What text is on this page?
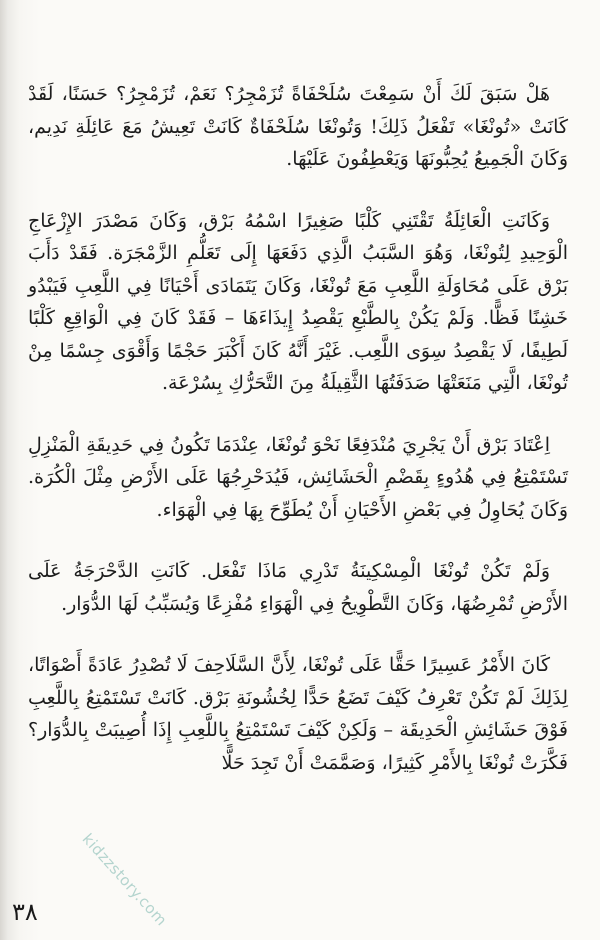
هَلْ سَبَقَ لَكَ أَنْ سَمِعْتَ سُلَحْفَاةً تُزَمْجِرُ؟ نَعَمْ، تُزَمْجِرُ؟ حَسَنًا، لَقَدْ كَانَتْ «تُونْغَا» تَفْعَلُ ذَلِكَ! وَتُونْغَا سُلَحْفَاةٌ كَانَتْ تَعِيشُ مَعَ عَائِلَةِ نَدِيم، وَكَانَ الْجَمِيعُ يُحِبُّونَهَا وَيَعْطِفُونَ عَلَيْهَا.

وَكَانَتِ الْعَائِلَةُ تَقْتَنِي كَلْبًا صَغِيرًا اسْمُهُ بَرْق، وَكَانَ مَصْدَرَ الإِزْعَاجِ الْوَحِيدِ لِتُونْغَا، وَهُوَ السَّبَبُ الَّذِي دَفَعَهَا إِلَى تَعَلُّمِ الزَّمْجَرَة. فَقَدْ دَأَبَ بَرْق عَلَى مُحَاوَلَةِ اللَّعِبِ مَعَ تُونْغَا، وَكَانَ يَتَمَادَى أَحْيَانًا فِي اللَّعِبِ فَيَبْدُو خَشِنًا فَظًّا. وَلَمْ يَكُنْ بِالطَّبْعِ يَقْصِدُ إِيذَاءَهَا – فَقَدْ كَانَ فِي الْوَاقِعِ كَلْبًا لَطِيفًا، لَا يَقْصِدُ سِوَى اللَّعِب. غَيْرَ أَنَّهُ كَانَ أَكْبَرَ حَجْمًا وَأَقْوَى جِسْمًا مِنْ تُونْغَا، الَّتِي مَنَعَتْهَا صَدَفَتُهَا الثَّقِيلَةُ مِنَ التَّحَرُّكِ بِسُرْعَة.

اِعْتَادَ بَرْق أَنْ يَجْرِيَ مُنْدَفِعًا نَحْوَ تُونْغَا، عِنْدَمَا تَكُونُ فِي حَدِيقَةِ الْمَنْزِلِ تَسْتَمْتِعُ فِي هُدُوءٍ بِقَضْمِ الْحَشَائِش، فَيُدَحْرِجُهَا عَلَى الأَرْضِ مِثْلَ الْكُرَة. وَكَانَ يُحَاوِلُ فِي بَعْضِ الأَحْيَانِ أَنْ يُطَوِّحَ بِهَا فِي الْهَوَاء.

وَلَمْ تَكُنْ تُونْغَا الْمِسْكِينَةُ تَدْرِي مَاذَا تَفْعَل. كَانَتِ الدَّحْرَجَةُ عَلَى الأَرْضِ تُمْرِضُهَا، وَكَانَ التَّطْوِيحُ فِي الْهَوَاءِ مُفْزِعًا وَيُسَبِّبُ لَهَا الدُّوَار.

كَانَ الأَمْرُ عَسِيرًا حَقًّا عَلَى تُونْغَا، لِأَنَّ السَّلَاحِفَ لَا تُصْدِرُ عَادَةً أَصْوَاتًا، لِذَلِكَ لَمْ تَكُنْ تَعْرِفُ كَيْفَ تَضَعُ حَدًّا لِخُشُونَةِ بَرْق. كَانَتْ تَسْتَمْتِعُ بِاللَّعِبِ فَوْقَ حَشَائِشِ الْحَدِيقَة – وَلَكِنْ كَيْفَ تَسْتَمْتِعُ بِاللَّعِبِ إِذَا أُصِيبَتْ بِالدُّوَار؟ فَكَّرَتْ تُونْغَا بِالأَمْرِ كَثِيرًا، وَصَمَّمَتْ أَنْ تَجِدَ حَلًّا

kidzzstory.com
٣٨
